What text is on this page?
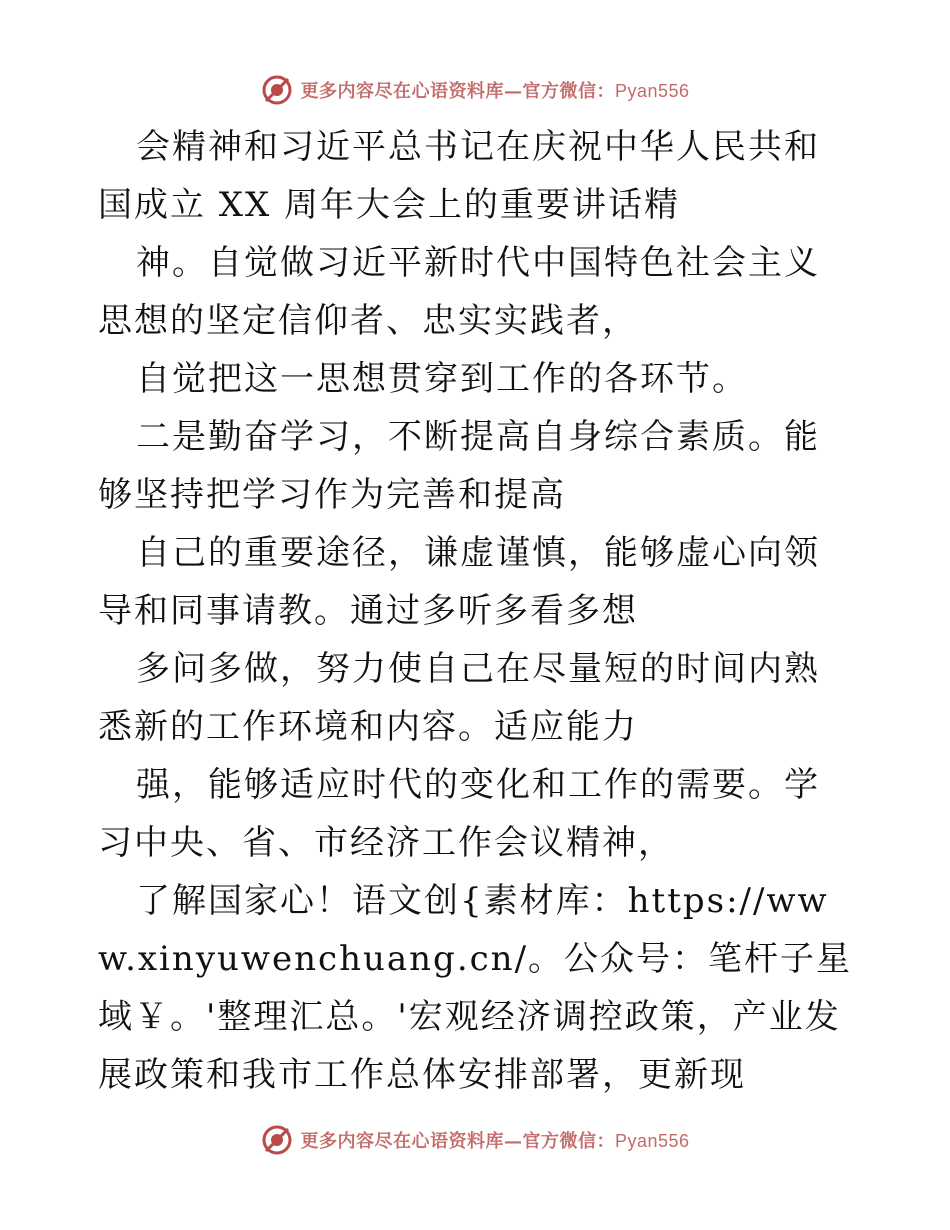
更多内容尽在心语资料库—官方微信：Pyan556

会精神和习近平总书记在庆祝中华人民共和国成立 XX 周年大会上的重要讲话精

神。自觉做习近平新时代中国特色社会主义思想的坚定信仰者、忠实实践者，

自觉把这一思想贯穿到工作的各环节。

二是勤奋学习，不断提高自身综合素质。能够坚持把学习作为完善和提高

自己的重要途径，谦虚谨慎，能够虚心向领导和同事请教。通过多听多看多想

多问多做，努力使自己在尽量短的时间内熟悉新的工作环境和内容。适应能力

强，能够适应时代的变化和工作的需要。学习中央、省、市经济工作会议精神，

了解国家心！语文创{素材库：https://www.xinyuwenchuang.cn/。公众号：笔杆子星域￥。'整理汇总。'宏观经济调控政策，产业发展政策和我市工作总体安排部署，更新现

更多内容尽在心语资料库—官方微信：Pyan556
